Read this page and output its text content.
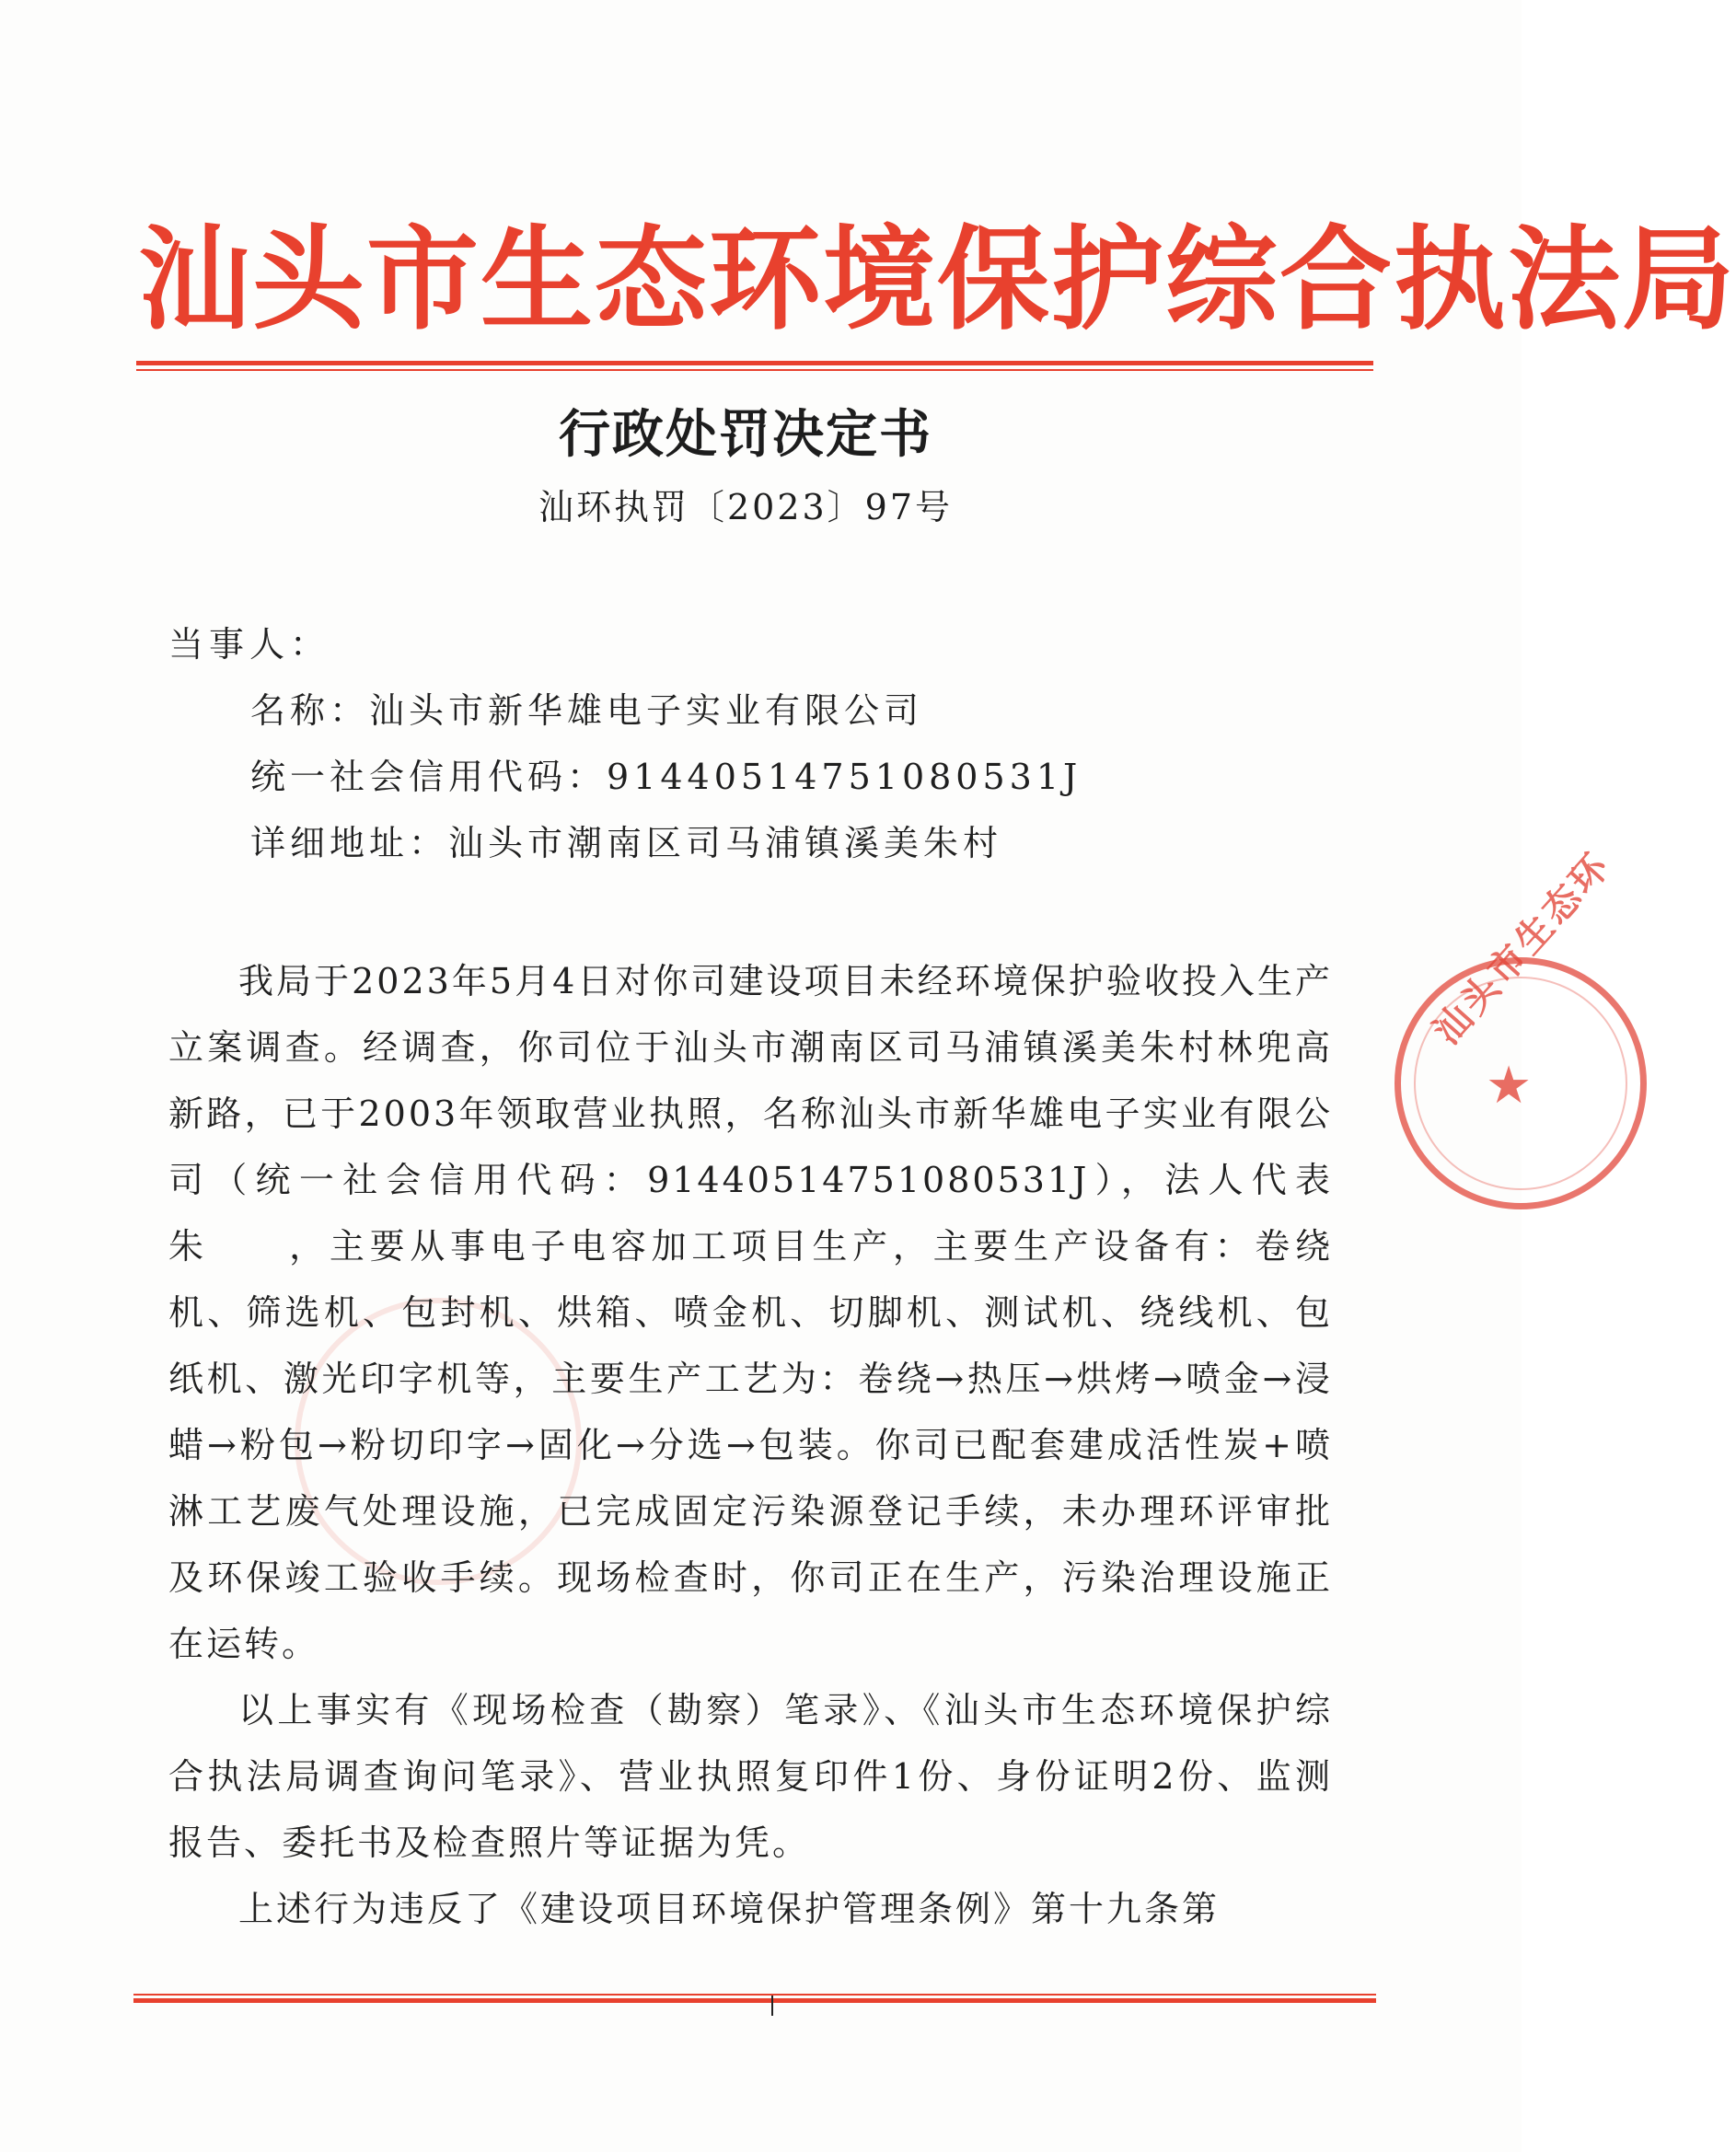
汕头市生态环境保护综合执法局
行政处罚决定书
汕环执罚〔2023〕97号
当事人：
名称：汕头市新华雄电子实业有限公司
统一社会信用代码：91440514751080531J
详细地址：汕头市潮南区司马浦镇溪美朱村

我局于2023年5月4日对你司建设项目未经环境保护验收投入生产立案调查。经调查，你司位于汕头市潮南区司马浦镇溪美朱村林兜高新路，已于2003年领取营业执照，名称汕头市新华雄电子实业有限公司（统一社会信用代码：91440514751080531J），法人代表朱　　，主要从事电子电容加工项目生产，主要生产设备有：卷绕机、筛选机、包封机、烘箱、喷金机、切脚机、测试机、绕线机、包纸机、激光印字机等，主要生产工艺为：卷绕→热压→烘烤→喷金→浸蜡→粉包→粉切印字→固化→分选→包装。你司已配套建成活性炭+喷淋工艺废气处理设施，已完成固定污染源登记手续，未办理环评审批及环保竣工验收手续。现场检查时，你司正在生产，污染治理设施正在运转。

以上事实有《现场检查（勘察）笔录》、《汕头市生态环境保护综合执法局调查询问笔录》、营业执照复印件1份、身份证明2份、监测报告、委托书及检查照片等证据为凭。

上述行为违反了《建设项目环境保护管理条例》第十九条第

汕头市生态环
★
